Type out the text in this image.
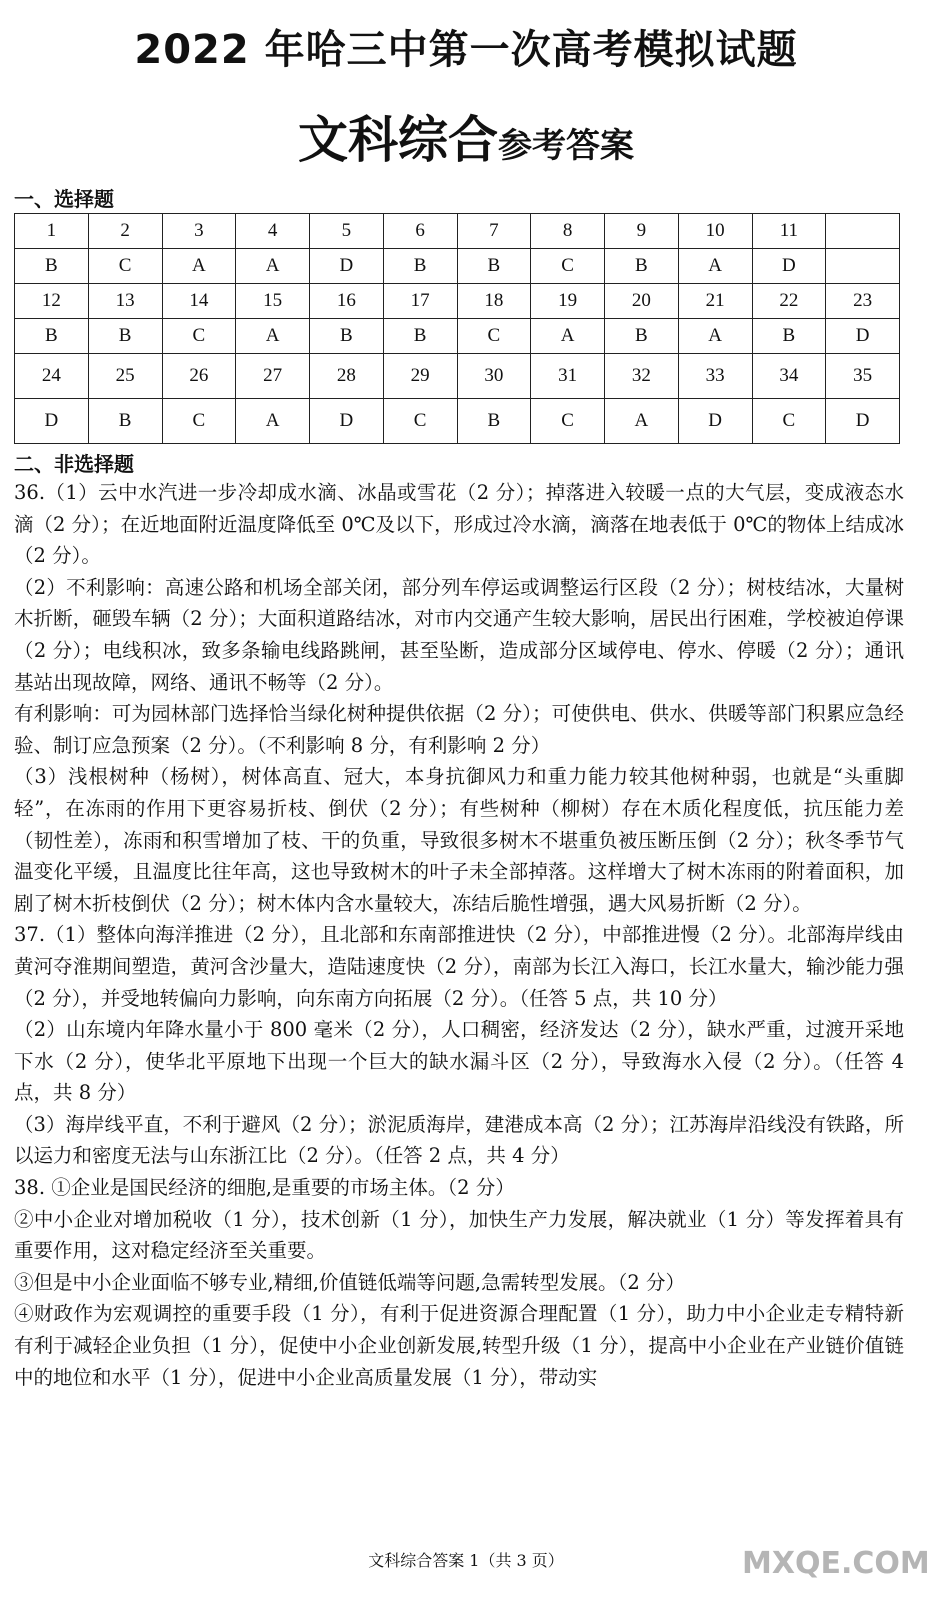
2022 年哈三中第一次高考模拟试题
文科综合参考答案
一、选择题
1	2	3	4	5	6	7	8	9	10	11	
B	C	A	A	D	B	B	C	B	A	D	
12	13	14	15	16	17	18	19	20	21	22	23
B	B	C	A	B	B	C	A	B	A	B	D
24	25	26	27	28	29	30	31	32	33	34	35
D	B	C	A	D	C	B	C	A	D	C	D
二、非选择题

36.（1）云中水汽进一步冷却成水滴、冰晶或雪花（2 分）；掉落进入较暖一点的大气层，变成液态水滴（2 分）；在近地面附近温度降低至 0℃及以下，形成过冷水滴，滴落在地表低于 0℃的物体上结成冰（2 分）。

（2）不利影响：高速公路和机场全部关闭，部分列车停运或调整运行区段（2 分）；树枝结冰，大量树木折断，砸毁车辆（2 分）；大面积道路结冰，对市内交通产生较大影响，居民出行困难，学校被迫停课（2 分）；电线积冰，致多条输电线路跳闸，甚至坠断，造成部分区域停电、停水、停暖（2 分）；通讯基站出现故障，网络、通讯不畅等（2 分）。

有利影响：可为园林部门选择恰当绿化树种提供依据（2 分）；可使供电、供水、供暖等部门积累应急经验、制订应急预案（2 分）。（不利影响 8 分，有利影响 2 分）

（3）浅根树种（杨树），树体高直、冠大，本身抗御风力和重力能力较其他树种弱，也就是“头重脚轻”，在冻雨的作用下更容易折枝、倒伏（2 分）；有些树种（柳树）存在木质化程度低，抗压能力差（韧性差），冻雨和积雪增加了枝、干的负重，导致很多树木不堪重负被压断压倒（2 分）；秋冬季节气温变化平缓，且温度比往年高，这也导致树木的叶子未全部掉落。这样增大了树木冻雨的附着面积，加剧了树木折枝倒伏（2 分）；树木体内含水量较大，冻结后脆性增强，遇大风易折断（2 分）。

37.（1）整体向海洋推进（2 分），且北部和东南部推进快（2 分），中部推进慢（2 分）。北部海岸线由黄河夺淮期间塑造，黄河含沙量大，造陆速度快（2 分），南部为长江入海口，长江水量大，输沙能力强（2 分），并受地转偏向力影响，向东南方向拓展（2 分）。（任答 5 点，共 10 分）

（2）山东境内年降水量小于 800 毫米（2 分），人口稠密，经济发达（2 分），缺水严重，过渡开采地下水（2 分），使华北平原地下出现一个巨大的缺水漏斗区（2 分），导致海水入侵（2 分）。（任答 4 点，共 8 分）

（3）海岸线平直，不利于避风（2 分）；淤泥质海岸，建港成本高（2 分）；江苏海岸沿线没有铁路，所以运力和密度无法与山东浙江比（2 分）。（任答 2 点，共 4 分）

38. ①企业是国民经济的细胞,是重要的市场主体。（2 分）

②中小企业对增加税收（1 分），技术创新（1 分），加快生产力发展，解决就业（1 分）等发挥着具有重要作用，这对稳定经济至关重要。

③但是中小企业面临不够专业,精细,价值链低端等问题,急需转型发展。（2 分）

④财政作为宏观调控的重要手段（1 分），有利于促进资源合理配置（1 分），助力中小企业走专精特新有利于减轻企业负担（1 分），促使中小企业创新发展,转型升级（1 分），提高中小企业在产业链价值链中的地位和水平（1 分），促进中小企业高质量发展（1 分），带动实

文科综合答案 1（共 3 页）	MXQE.COM
